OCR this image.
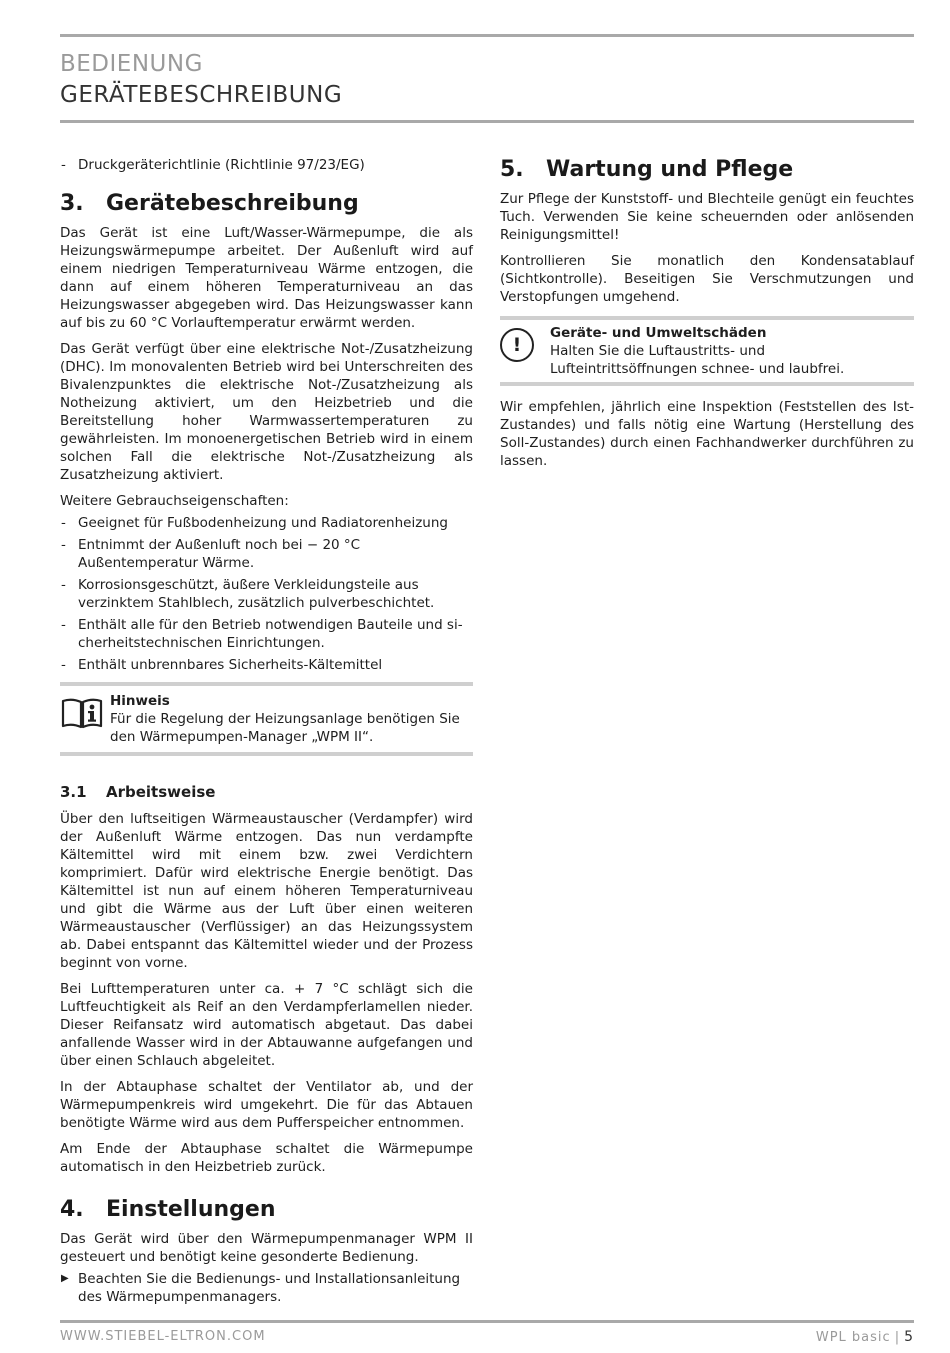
BEDIENUNG
GERÄTEBESCHREIBUNG
- Druckgeräterichtlinie (Richtlinie 97/23/EG)
3.	Gerätebeschreibung

Das Gerät ist eine Luft/Wasser-Wärmepumpe, die als Heizungswärmepumpe arbeitet. Der Außenluft wird auf einem niedrigen Temperaturniveau Wärme entzogen, die dann auf einem höheren Temperaturniveau an das Heizungswasser abgegeben wird. Das Heizungswasser kann auf bis zu 60 °C Vorlauftemperatur erwärmt werden.

Das Gerät verfügt über eine elektrische Not-/Zusatzheizung (DHC). Im monovalenten Betrieb wird bei Unterschreiten des Bivalenzpunktes die elektrische Not-/Zusatzheizung als Notheizung aktiviert, um den Heizbetrieb und die Bereitstellung hoher Warmwassertemperaturen zu gewährleisten. Im monoenergetischen Betrieb wird in einem solchen Fall die elektrische Not-/Zusatzheizung als Zusatzheizung aktiviert.

Weitere Gebrauchseigenschaften:

- Geeignet für Fußbodenheizung und Radiatorenheizung
- Entnimmt der Außenluft noch bei − 20 °C Außentemperatur Wärme.
- Korrosionsgeschützt, äußere Verkleidungsteile aus verzinktem Stahlblech, zusätzlich pulverbeschichtet.
- Enthält alle für den Betrieb notwendigen Bauteile und sicherheitstechnischen Einrichtungen.
- Enthält unbrennbares Sicherheits-Kältemittel

Hinweis

Für die Regelung der Heizungsanlage benötigen Sie den Wärmepumpen-Manager „WPM II“.

3.1	Arbeitsweise

Über den luftseitigen Wärmeaustauscher (Verdampfer) wird der Außenluft Wärme entzogen. Das nun verdampfte Kältemittel wird mit einem bzw. zwei Verdichtern komprimiert. Dafür wird elektrische Energie benötigt. Das Kältemittel ist nun auf einem höheren Temperaturniveau und gibt die Wärme aus der Luft über einen weiteren Wärmeaustauscher (Verflüssiger) an das Heizungssystem ab. Dabei entspannt das Kältemittel wieder und der Prozess beginnt von vorne.

Bei Lufttemperaturen unter ca. + 7 °C schlägt sich die Luftfeuchtigkeit als Reif an den Verdampferlamellen nieder. Dieser Reifansatz wird automatisch abgetaut. Das dabei anfallende Wasser wird in der Abtauwanne aufgefangen und über einen Schlauch abgeleitet.

In der Abtauphase schaltet der Ventilator ab, und der Wärmepumpenkreis wird umgekehrt. Die für das Abtauen benötigte Wärme wird aus dem Pufferspeicher entnommen.

Am Ende der Abtauphase schaltet die Wärmepumpe automatisch in den Heizbetrieb zurück.

4.	Einstellungen

Das Gerät wird über den Wärmepumpenmanager WPM II gesteuert und benötigt keine gesonderte Bedienung.

▶ Beachten Sie die Bedienungs- und Installationsanleitung des Wärmepumpenmanagers.
5.	Wartung und Pflege

Zur Pflege der Kunststoff- und Blechteile genügt ein feuchtes Tuch. Verwenden Sie keine scheuernden oder anlösenden Reinigungsmittel!

Kontrollieren Sie monatlich den Kondensatablauf (Sichtkontrolle). Beseitigen Sie Verschmutzungen und Verstopfungen umgehend.

!

Geräte- und Umweltschäden

Halten Sie die Luftaustritts- und Lufteintrittsöffnungen schnee- und laubfrei.

Wir empfehlen, jährlich eine Inspektion (Feststellen des Ist-Zustandes) und falls nötig eine Wartung (Herstellung des Soll-Zustandes) durch einen Fachhandwerker durchführen zu lassen.

WWW.STIEBEL-ELTRON.COM	WPL basic | 5
